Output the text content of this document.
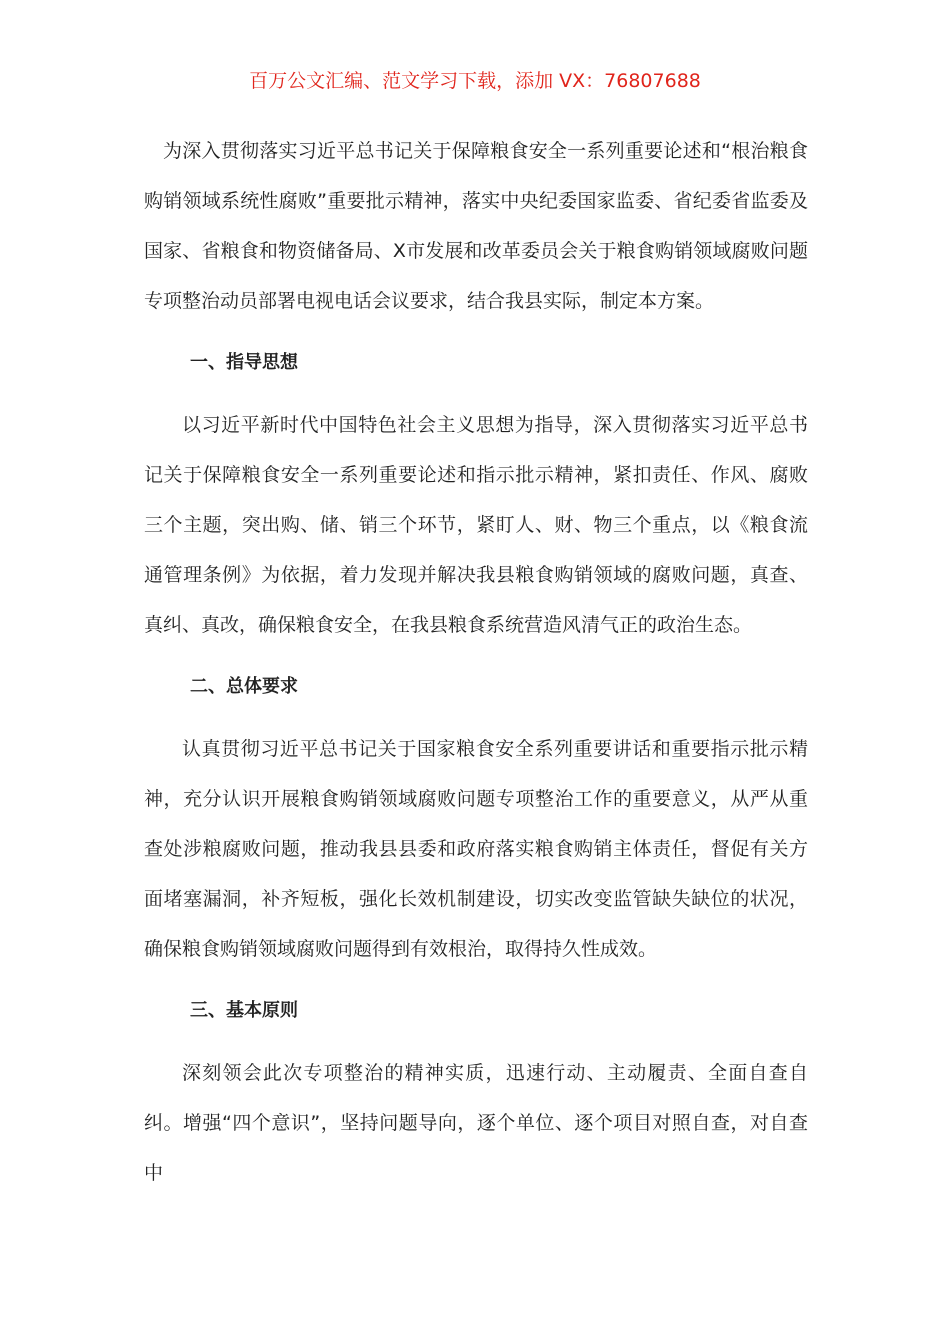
百万公文汇编、范文学习下载，添加 VX：76807688

为深入贯彻落实习近平总书记关于保障粮食安全一系列重要论述和“根治粮食购销领域系统性腐败”重要批示精神，落实中央纪委国家监委、省纪委省监委及国家、省粮食和物资储备局、X市发展和改革委员会关于粮食购销领域腐败问题专项整治动员部署电视电话会议要求，结合我县实际，制定本方案。

一、指导思想

以习近平新时代中国特色社会主义思想为指导，深入贯彻落实习近平总书记关于保障粮食安全一系列重要论述和指示批示精神，紧扣责任、作风、腐败三个主题，突出购、储、销三个环节，紧盯人、财、物三个重点，以《粮食流通管理条例》为依据，着力发现并解决我县粮食购销领域的腐败问题，真查、真纠、真改，确保粮食安全，在我县粮食系统营造风清气正的政治生态。

二、总体要求

认真贯彻习近平总书记关于国家粮食安全系列重要讲话和重要指示批示精神，充分认识开展粮食购销领域腐败问题专项整治工作的重要意义，从严从重查处涉粮腐败问题，推动我县县委和政府落实粮食购销主体责任，督促有关方面堵塞漏洞，补齐短板，强化长效机制建设，切实改变监管缺失缺位的状况，确保粮食购销领域腐败问题得到有效根治，取得持久性成效。

三、基本原则

深刻领会此次专项整治的精神实质，迅速行动、主动履责、全面自查自纠。增强“四个意识”，坚持问题导向，逐个单位、逐个项目对照自查，对自查中
